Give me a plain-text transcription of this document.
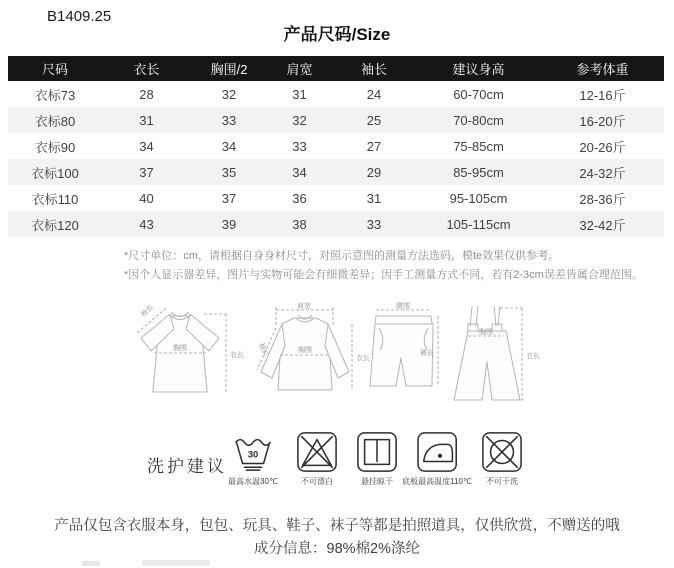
B1409.25
产品尺码/Size
尺码	衣长	胸围/2	肩宽	袖长	建议身高	参考体重
衣标73	28	32	31	24	60-70cm	12-16斤
衣标80	31	33	32	25	70-80cm	16-20斤
衣标90	34	34	33	27	75-85cm	20-26斤
衣标100	37	35	34	29	85-95cm	24-32斤
衣标110	40	37	36	31	95-105cm	28-36斤
衣标120	43	39	38	33	105-115cm	32-42斤
*尺寸单位：cm，请根据自身身材尺寸，对照示意图的测量方法选码，模te效果仅供参考。
*因个人显示器差异，图片与实物可能会有细微差异；因手工测量方式不同，若有2-3cm误差皆属合理范围。
袖长
胸围
衣长
肩宽
袖长	胸围
衣长
腰围
裤长
胸围
衣长
洗护建议
30
最高水温30℃	不可漂白	悬挂晾干 底板最高温度110℃ 不可干洗
产品仅包含衣服本身，包包、玩具、鞋子、袜子等都是拍照道具，仅供欣赏，不赠送的哦
成分信息：98%棉2%涤纶
